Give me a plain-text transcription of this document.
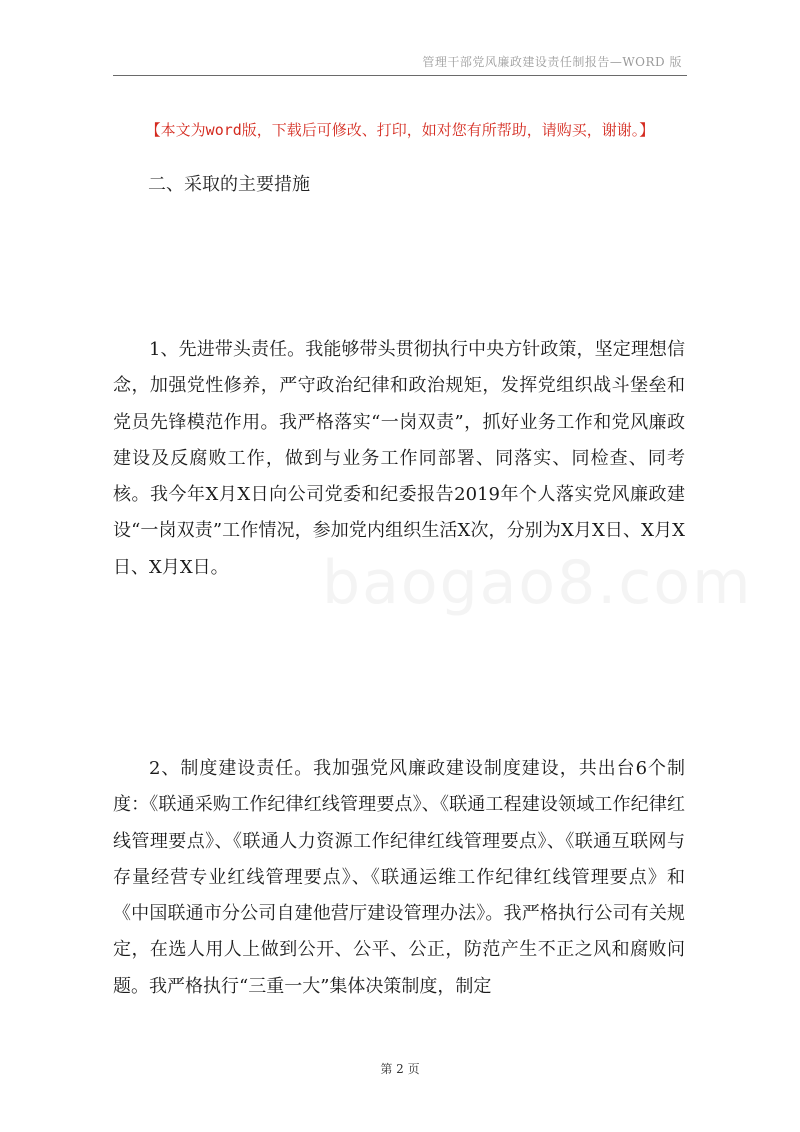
管理干部党风廉政建设责任制报告—WORD 版
【本文为word版，下载后可修改、打印，如对您有所帮助，请购买，谢谢。】
二、采取的主要措施

1、先进带头责任。我能够带头贯彻执行中央方针政策，坚定理想信念，加强党性修养，严守政治纪律和政治规矩，发挥党组织战斗堡垒和党员先锋模范作用。我严格落实“一岗双责”，抓好业务工作和党风廉政建设及反腐败工作，做到与业务工作同部署、同落实、同检查、同考核。我今年X月X日向公司党委和纪委报告2019年个人落实党风廉政建设“一岗双责”工作情况，参加党内组织生活X次，分别为X月X日、X月X日、X月X日。	baogao8.com

2、制度建设责任。我加强党风廉政建设制度建设，共出台6个制度：《联通采购工作纪律红线管理要点》、《联通工程建设领域工作纪律红线管理要点》、《联通人力资源工作纪律红线管理要点》、《联通互联网与存量经营专业红线管理要点》、《联通运维工作纪律红线管理要点》和《中国联通市分公司自建他营厅建设管理办法》。我严格执行公司有关规定，在选人用人上做到公开、公平、公正，防范产生不正之风和腐败问题。我严格执行“三重一大”集体决策制度，制定

第 2 页
